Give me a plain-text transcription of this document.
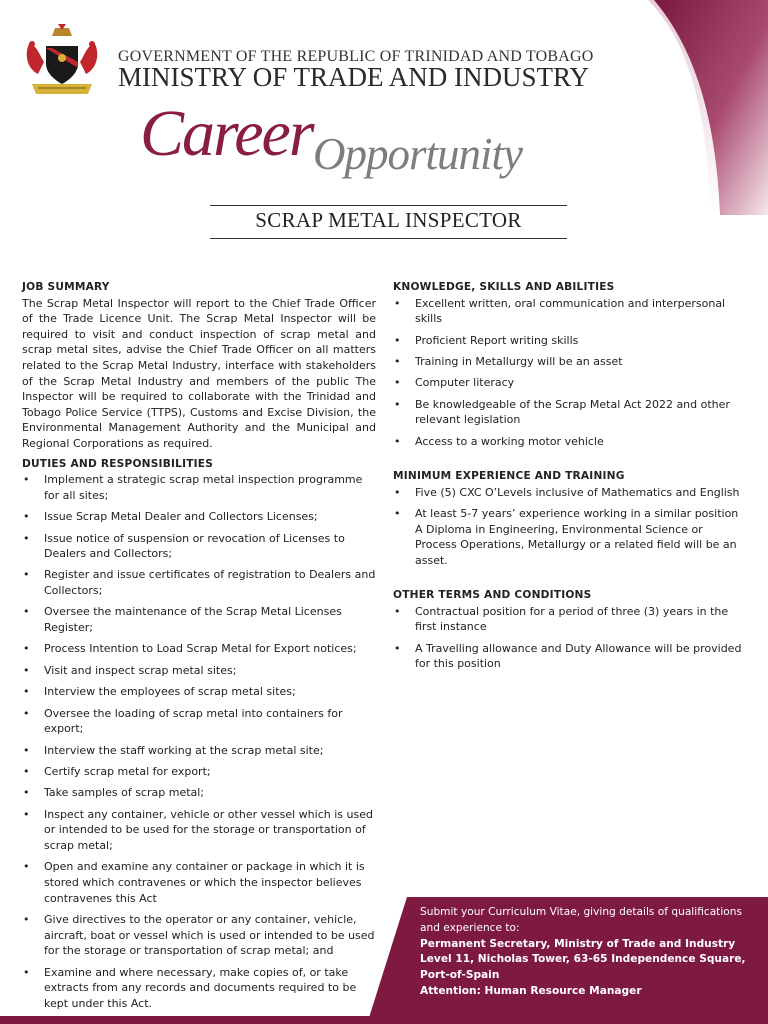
GOVERNMENT OF THE REPUBLIC OF TRINIDAD AND TOBAGO
MINISTRY OF TRADE AND INDUSTRY
Career Opportunity
SCRAP METAL INSPECTOR
JOB SUMMARY

The Scrap Metal Inspector will report to the Chief Trade Officer of the Trade Licence Unit. The Scrap Metal Inspector will be required to visit and conduct inspection of scrap metal and scrap metal sites, advise the Chief Trade Officer on all matters related to the Scrap Metal Industry, interface with stakeholders of the Scrap Metal Industry and members of the public The Inspector will be required to collaborate with the Trinidad and Tobago Police Service (TTPS), Customs and Excise Division, the Environmental Management Authority and the Municipal and Regional Corporations as required.

DUTIES AND RESPONSIBILITIES
• Implement a strategic scrap metal inspection programme for all sites;
• Issue Scrap Metal Dealer and Collectors Licenses;
• Issue notice of suspension or revocation of Licenses to Dealers and Collectors;
• Register and issue certificates of registration to Dealers and Collectors;
• Oversee the maintenance of the Scrap Metal Licenses Register;
• Process Intention to Load Scrap Metal for Export notices;
• Visit and inspect scrap metal sites;
• Interview the employees of scrap metal sites;
• Oversee the loading of scrap metal into containers for export;
• Interview the staff working at the scrap metal site;
• Certify scrap metal for export;
• Take samples of scrap metal;
• Inspect any container, vehicle or other vessel which is used or intended to be used for the storage or transportation of scrap metal;
• Open and examine any container or package in which it is stored which contravenes or which the inspector believes contravenes this Act
• Give directives to the operator or any container, vehicle, aircraft, boat or vessel which is used or intended to be used for the storage or transportation of scrap metal; and
• Examine and where necessary, make copies of, or take extracts from any records and documents required to be kept under this Act.
KNOWLEDGE, SKILLS AND ABILITIES
• Excellent written, oral communication and interpersonal skills
• Proficient Report writing skills
• Training in Metallurgy will be an asset
• Computer literacy
• Be knowledgeable of the Scrap Metal Act 2022 and other relevant legislation
• Access to a working motor vehicle
MINIMUM EXPERIENCE AND TRAINING
• Five (5) CXC O’Levels inclusive of Mathematics and English
• At least 5-7 years’ experience working in a similar position A Diploma in Engineering, Environmental Science or Process Operations, Metallurgy or a related field will be an asset.
OTHER TERMS AND CONDITIONS
• Contractual position for a period of three (3) years in the first instance
• A Travelling allowance and Duty Allowance will be provided for this position
Submit your Curriculum Vitae, giving details of qualifications and experience to:
Permanent Secretary, Ministry of Trade and Industry
Level 11, Nicholas Tower, 63-65 Independence Square,
Port-of-Spain
Attention: Human Resource Manager
